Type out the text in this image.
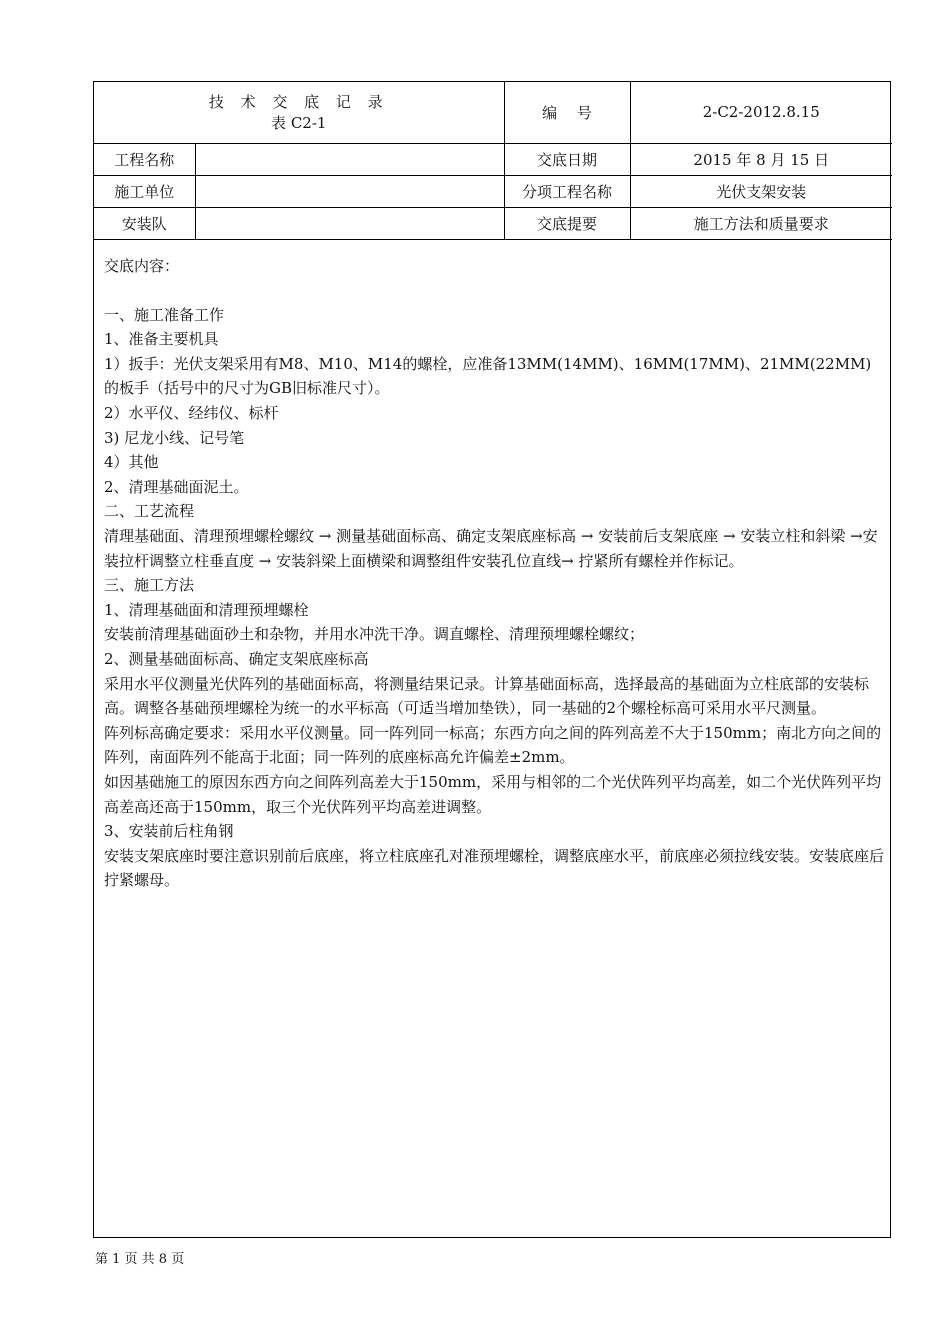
技 术 交 底 记 录
表 C2-1		编　 号	2-C2-2012.8.15
工程名称		交底日期	2015 年 8 月 15 日
施工单位		分项工程名称	光伏支架安装
安装队		交底提要	施工方法和质量要求

交底内容：

一、施工准备工作

1、准备主要机具

1）扳手：光伏支架采用有M8、M10、M14的螺栓，应准备13MM(14MM)、16MM(17MM)、21MM(22MM)的板手（括号中的尺寸为GB旧标准尺寸）。

2）水平仪、经纬仪、标杆

3) 尼龙小线、记号笔

4）其他

2、清理基础面泥土。

二、工艺流程

清理基础面、清理预埋螺栓螺纹 → 测量基础面标高、确定支架底座标高 → 安装前后支架底座 → 安装立柱和斜梁 →安装拉杆调整立柱垂直度 → 安装斜梁上面横梁和调整组件安装孔位直线→ 拧紧所有螺栓并作标记。

三、施工方法

1、清理基础面和清理预埋螺栓

安装前清理基础面砂土和杂物，并用水冲洗干净。调直螺栓、清理预埋螺栓螺纹；

2、测量基础面标高、确定支架底座标高

采用水平仪测量光伏阵列的基础面标高，将测量结果记录。计算基础面标高，选择最高的基础面为立柱底部的安装标高。调整各基础预埋螺栓为统一的水平标高（可适当增加垫铁），同一基础的2个螺栓标高可采用水平尺测量。

阵列标高确定要求：采用水平仪测量。同一阵列同一标高；东西方向之间的阵列高差不大于150mm；南北方向之间的阵列，南面阵列不能高于北面；同一阵列的底座标高允许偏差±2mm。

如因基础施工的原因东西方向之间阵列高差大于150mm，采用与相邻的二个光伏阵列平均高差，如二个光伏阵列平均高差高还高于150mm，取三个光伏阵列平均高差进调整。

3、安装前后柱角钢

安装支架底座时要注意识别前后底座，将立柱底座孔对准预埋螺栓，调整底座水平，前底座必须拉线安装。安装底座后拧紧螺母。

第 1 页 共 8 页
